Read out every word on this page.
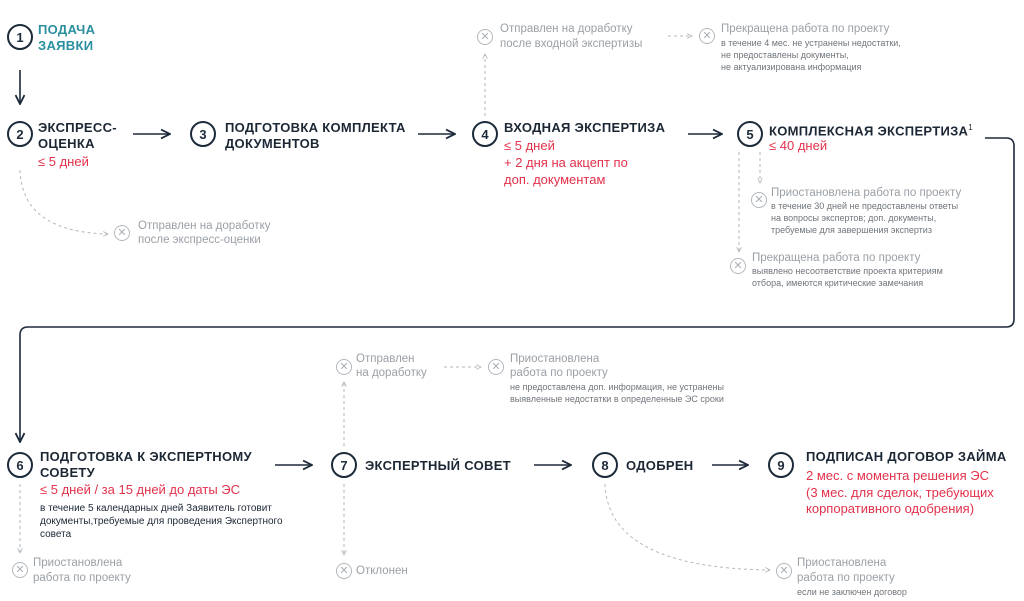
1	ПОДАЧА ЗАЯВКИ
2	ЭКСПРЕСС-
ОЦЕНКА
≤ 5 дней
3	ПОДГОТОВКА КОМПЛЕКТА
ДОКУМЕНТОВ
4	ВХОДНАЯ ЭКСПЕРТИЗА
≤ 5 дней
+ 2 дня на акцепт по
доп. документам
5	КОМПЛЕКСНАЯ $ЭКСПЕРТИЗА^1$
≤ 40 дней
6
ПОДГОТОВКА К ЭКСПЕРТНОМУ
СОВЕТУ
≤ 5 дней / за 15 дней до даты ЭС
в течение 5 календарных дней Заявитель готовит
документы,требуемые для проведения Экспертного
совета
7	ЭКСПЕРТНЫЙ СОВЕТ	8	ОДОБРЕН	9
ПОДПИСАН ДОГОВОР ЗАЙМА
2 мес. с момента решения ЭС
(3 мес. для сделок, требующих
корпоративного одобрения)
✕
Отправлен на доработку
после экспресс-оценки
✕
Отправлен на доработку
после входной экспертизы
✕
Прекращена работа по проекту
в течение 4 мес. не устранены недостатки,
не предоставлены документы,
не актуализирована информация
✕
Приостановлена работа по проекту
в течение 30 дней не предоставлены ответы
на вопросы экспертов; доп. документы,
требуемые для завершения экспертиз
✕
Прекращена работа по проекту
выявлено несоответствие проекта критериям
отбора, имеются критические замечания
✕
Отправлен
на доработку
✕
Приостановлена
работа по проекту
не предоставлена доп. информация, не устранены
выявленные недостатки в определенные ЭС сроки
✕
Приостановлена
работа по проекту
✕ Отклонен	✕
Приостановлена
работа по проекту
если не заключен договор
